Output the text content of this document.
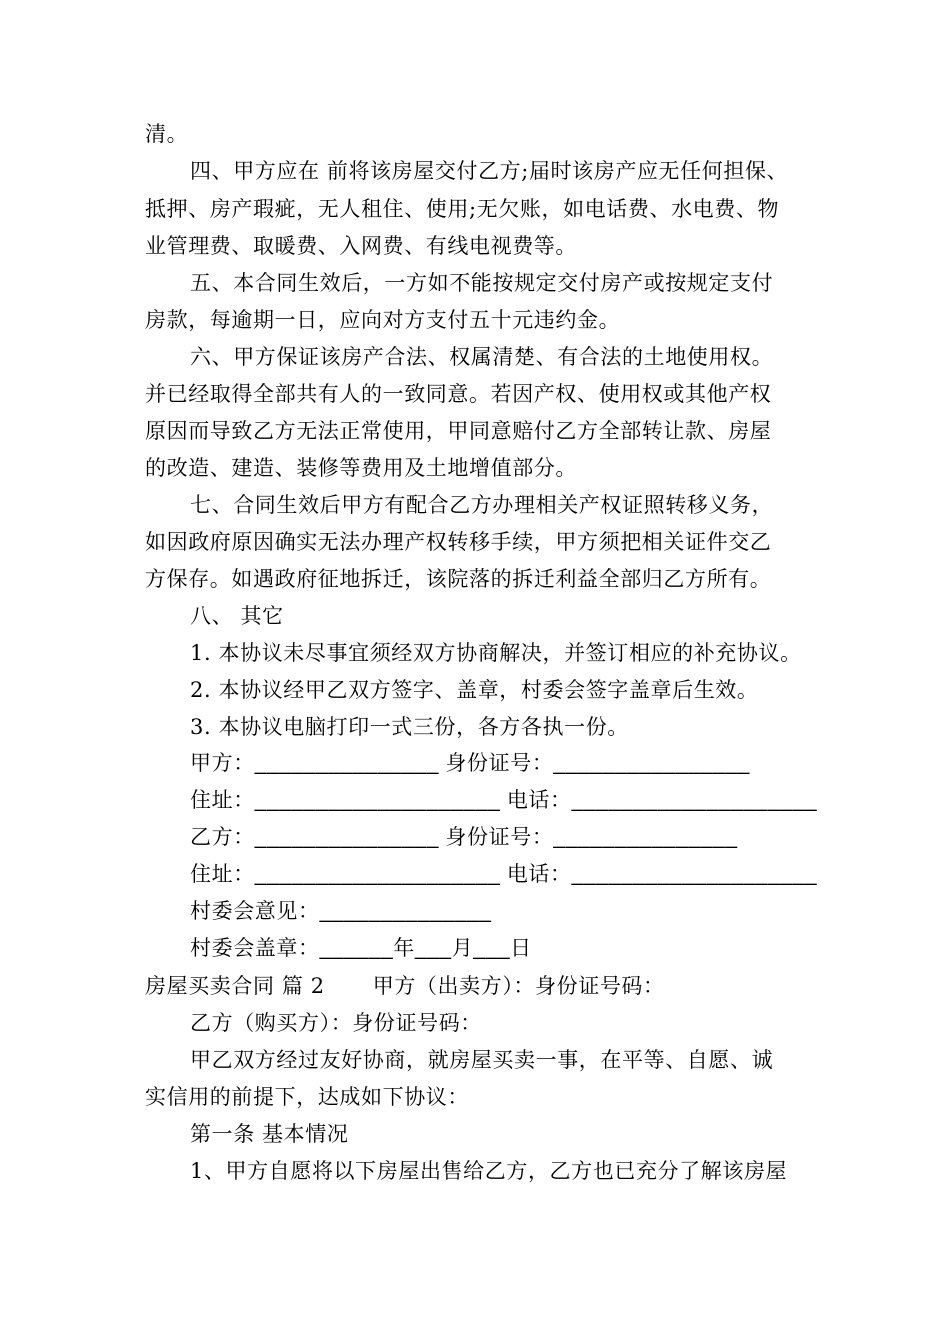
清。
四、甲方应在 前将该房屋交付乙方;届时该房产应无任何担保、
抵押、房产瑕疵，无人租住、使用;无欠账，如电话费、水电费、物
业管理费、取暖费、入网费、有线电视费等。
五、本合同生效后，一方如不能按规定交付房产或按规定支付
房款，每逾期一日，应向对方支付五十元违约金。
六、甲方保证该房产合法、权属清楚、有合法的土地使用权。
并已经取得全部共有人的一致同意。若因产权、使用权或其他产权
原因而导致乙方无法正常使用，甲同意赔付乙方全部转让款、房屋
的改造、建造、装修等费用及土地增值部分。
七、合同生效后甲方有配合乙方办理相关产权证照转移义务，
如因政府原因确实无法办理产权转移手续，甲方须把相关证件交乙
方保存。如遇政府征地拆迁，该院落的拆迁利益全部归乙方所有。
八、 其它
1. 本协议未尽事宜须经双方协商解决，并签订相应的补充协议。
2. 本协议经甲乙双方签字、盖章，村委会签字盖章后生效。
3. 本协议电脑打印一式三份，各方各执一份。
甲方：_______________ 身份证号：________________
住址：____________________ 电话：____________________
乙方：_______________ 身份证号：_______________
住址：____________________ 电话：____________________
村委会意见：______________
村委会盖章：______年___月___日
房屋买卖合同 篇 2 甲方（出卖方）：身份证号码：
乙方（购买方）：身份证号码：
甲乙双方经过友好协商，就房屋买卖一事，在平等、自愿、诚
实信用的前提下，达成如下协议：
第一条 基本情况
1、甲方自愿将以下房屋出售给乙方，乙方也已充分了解该房屋
